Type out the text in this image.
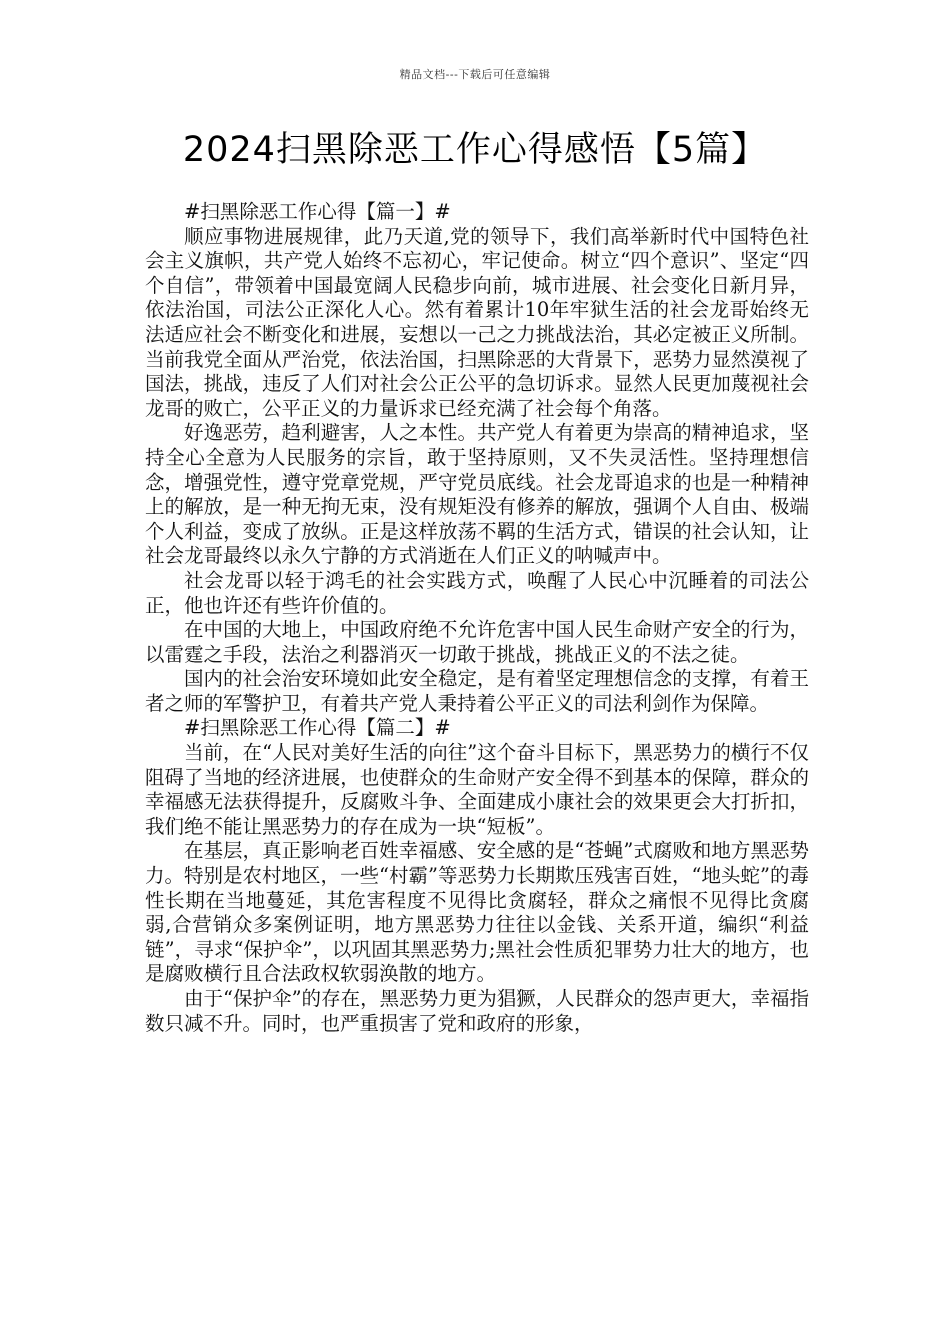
精品文档---下载后可任意编辑
2024扫黑除恶工作心得感悟【5篇】

#扫黑除恶工作心得【篇一】#

顺应事物进展规律，此乃天道,党的领导下，我们高举新时代中国特色社会主义旗帜，共产党人始终不忘初心，牢记使命。树立“四个意识”、坚定“四个自信”，带领着中国最宽阔人民稳步向前，城市进展、社会变化日新月异，依法治国，司法公正深化人心。然有着累计10年牢狱生活的社会龙哥始终无法适应社会不断变化和进展，妄想以一己之力挑战法治，其必定被正义所制。当前我党全面从严治党，依法治国，扫黑除恶的大背景下，恶势力显然漠视了国法，挑战，违反了人们对社会公正公平的急切诉求。显然人民更加蔑视社会龙哥的败亡，公平正义的力量诉求已经充满了社会每个角落。

好逸恶劳，趋利避害，人之本性。共产党人有着更为崇高的精神追求，坚持全心全意为人民服务的宗旨，敢于坚持原则，又不失灵活性。坚持理想信念，增强党性，遵守党章党规，严守党员底线。社会龙哥追求的也是一种精神上的解放，是一种无拘无束，没有规矩没有修养的解放，强调个人自由、极端个人利益，变成了放纵。正是这样放荡不羁的生活方式，错误的社会认知，让社会龙哥最终以永久宁静的方式消逝在人们正义的呐喊声中。

社会龙哥以轻于鸿毛的社会实践方式，唤醒了人民心中沉睡着的司法公正，他也许还有些许价值的。

在中国的大地上，中国政府绝不允许危害中国人民生命财产安全的行为，以雷霆之手段，法治之利器消灭一切敢于挑战，挑战正义的不法之徒。

国内的社会治安环境如此安全稳定，是有着坚定理想信念的支撑，有着王者之师的军警护卫，有着共产党人秉持着公平正义的司法利剑作为保障。

#扫黑除恶工作心得【篇二】#

当前，在“人民对美好生活的向往”这个奋斗目标下，黑恶势力的横行不仅阻碍了当地的经济进展，也使群众的生命财产安全得不到基本的保障，群众的幸福感无法获得提升，反腐败斗争、全面建成小康社会的效果更会大打折扣，我们绝不能让黑恶势力的存在成为一块“短板”。

在基层，真正影响老百姓幸福感、安全感的是“苍蝇”式腐败和地方黑恶势力。特别是农村地区，一些“村霸”等恶势力长期欺压残害百姓，“地头蛇”的毒性长期在当地蔓延，其危害程度不见得比贪腐轻，群众之痛恨不见得比贪腐弱,合营销众多案例证明，地方黑恶势力往往以金钱、关系开道，编织“利益链”，寻求“保护伞”，以巩固其黑恶势力;黑社会性质犯罪势力壮大的地方，也是腐败横行且合法政权软弱涣散的地方。

由于“保护伞”的存在，黑恶势力更为猖獗，人民群众的怨声更大，幸福指数只减不升。同时，也严重损害了党和政府的形象，
